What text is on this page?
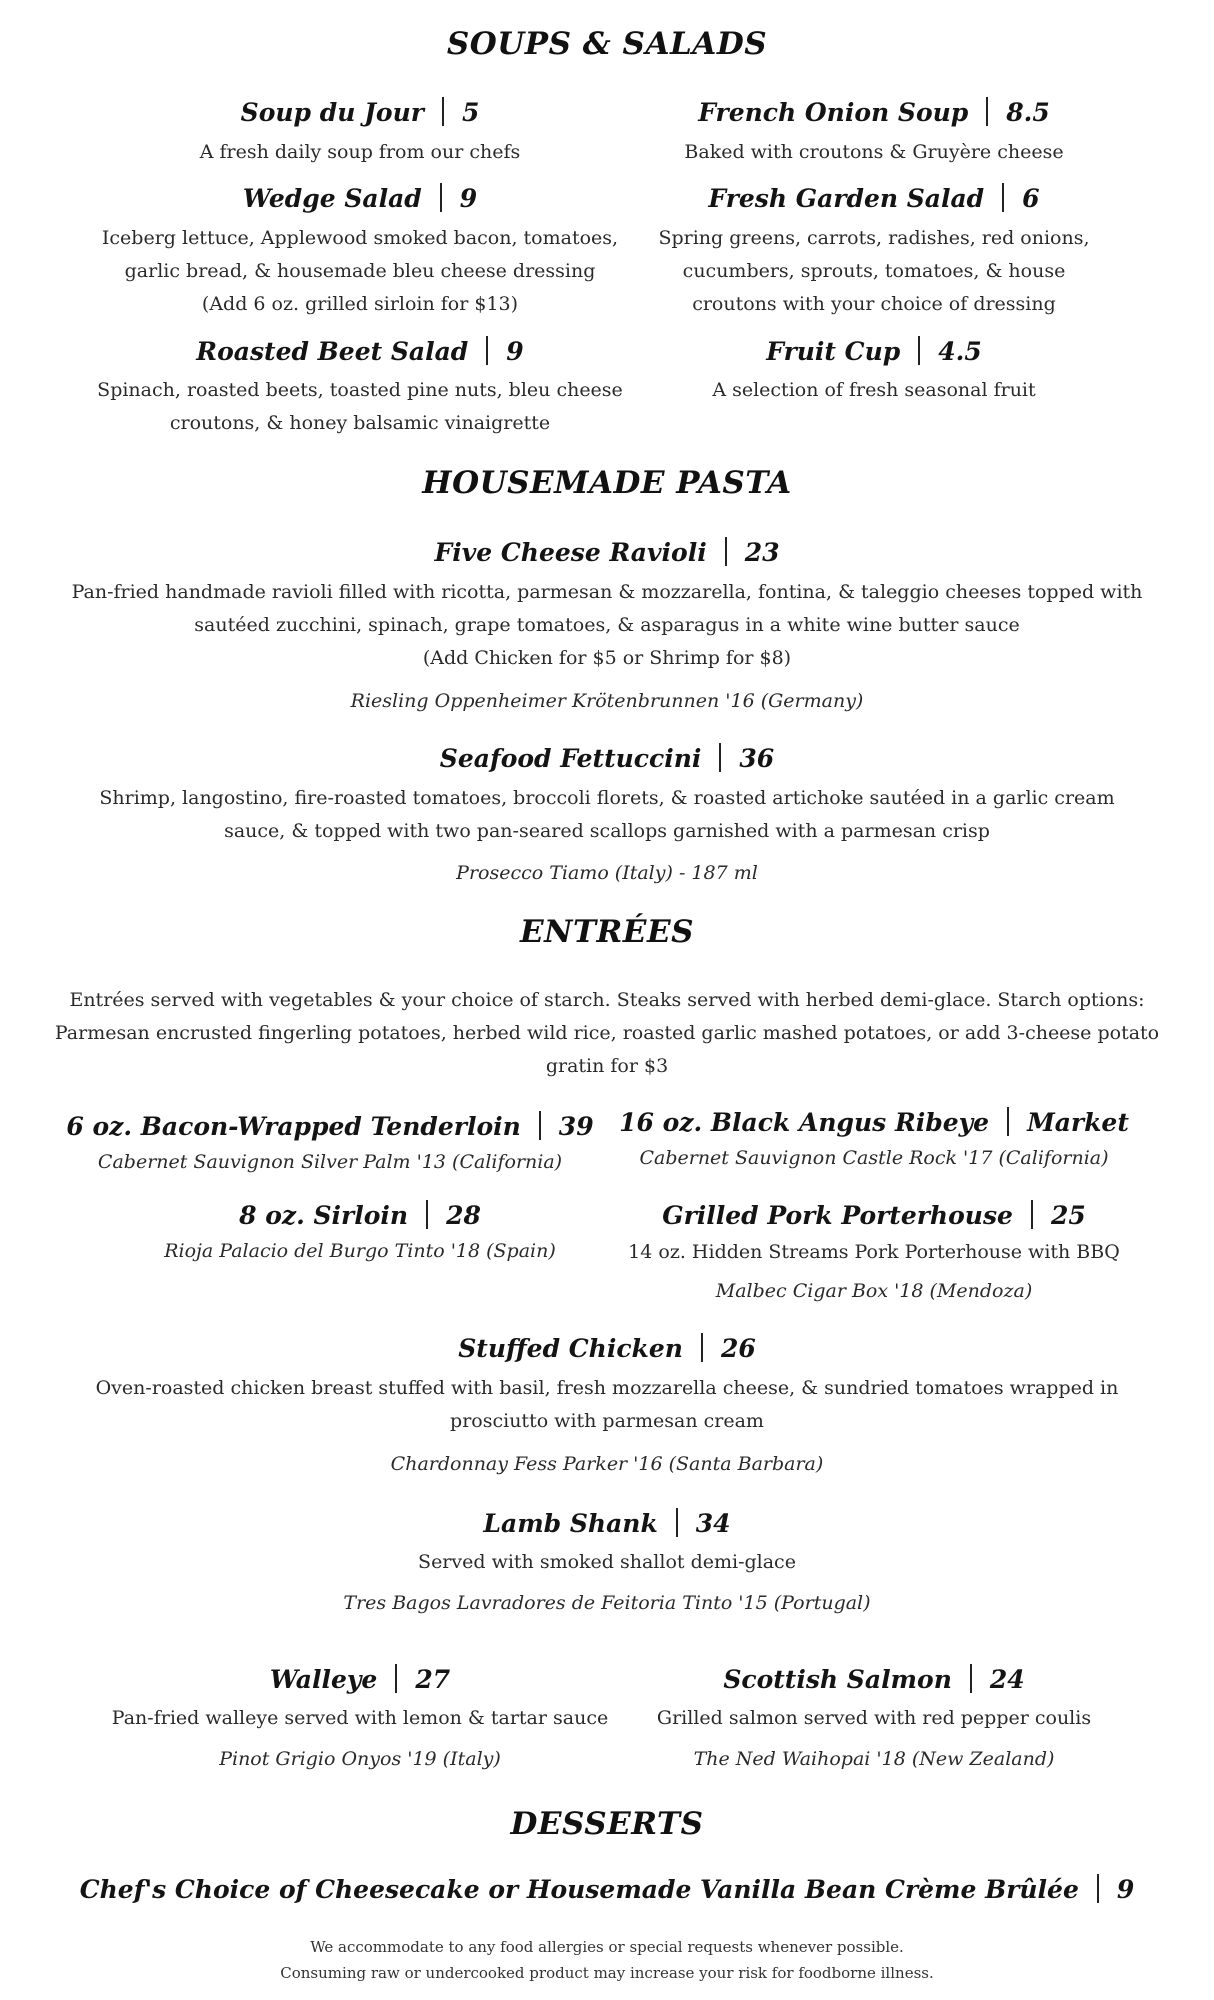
SOUPS & SALADS
Soup du Jour 5
A fresh daily soup from our chefs
French Onion Soup 8.5
Baked with croutons & Gruyère cheese
Wedge Salad 9
Iceberg lettuce, Applewood smoked bacon, tomatoes,
garlic bread, & housemade bleu cheese dressing
(Add 6 oz. grilled sirloin for $13)
Fresh Garden Salad 6
Spring greens, carrots, radishes, red onions,
cucumbers, sprouts, tomatoes, & house
croutons with your choice of dressing
Roasted Beet Salad 9
Spinach, roasted beets, toasted pine nuts, bleu cheese
croutons, & honey balsamic vinaigrette
Fruit Cup 4.5
A selection of fresh seasonal fruit
HOUSEMADE PASTA
Five Cheese Ravioli 23
Pan-fried handmade ravioli filled with ricotta, parmesan & mozzarella, fontina, & taleggio cheeses topped with
sautéed zucchini, spinach, grape tomatoes, & asparagus in a white wine butter sauce
(Add Chicken for $5 or Shrimp for $8)
Riesling Oppenheimer Krötenbrunnen '16 (Germany)
Seafood Fettuccini 36
Shrimp, langostino, fire-roasted tomatoes, broccoli florets, & roasted artichoke sautéed in a garlic cream
sauce, & topped with two pan-seared scallops garnished with a parmesan crisp
Prosecco Tiamo (Italy) - 187 ml
ENTRÉES
Entrées served with vegetables & your choice of starch. Steaks served with herbed demi-glace. Starch options:
Parmesan encrusted fingerling potatoes, herbed wild rice, roasted garlic mashed potatoes, or add 3-cheese potato
gratin for $3
6 oz. Bacon-Wrapped Tenderloin 39
Cabernet Sauvignon Silver Palm '13 (California)
16 oz. Black Angus Ribeye Market
Cabernet Sauvignon Castle Rock '17 (California)
8 oz. Sirloin 28
Rioja Palacio del Burgo Tinto '18 (Spain)
Grilled Pork Porterhouse 25
14 oz. Hidden Streams Pork Porterhouse with BBQ
Malbec Cigar Box '18 (Mendoza)
Stuffed Chicken 26
Oven-roasted chicken breast stuffed with basil, fresh mozzarella cheese, & sundried tomatoes wrapped in
prosciutto with parmesan cream
Chardonnay Fess Parker '16 (Santa Barbara)
Lamb Shank 34
Served with smoked shallot demi-glace
Tres Bagos Lavradores de Feitoria Tinto '15 (Portugal)
Walleye 27
Pan-fried walleye served with lemon & tartar sauce
Pinot Grigio Onyos '19 (Italy)
Scottish Salmon 24
Grilled salmon served with red pepper coulis
The Ned Waihopai '18 (New Zealand)
DESSERTS
Chef's Choice of Cheesecake or Housemade Vanilla Bean Crème Brûlée 9
We accommodate to any food allergies or special requests whenever possible.
Consuming raw or undercooked product may increase your risk for foodborne illness.
